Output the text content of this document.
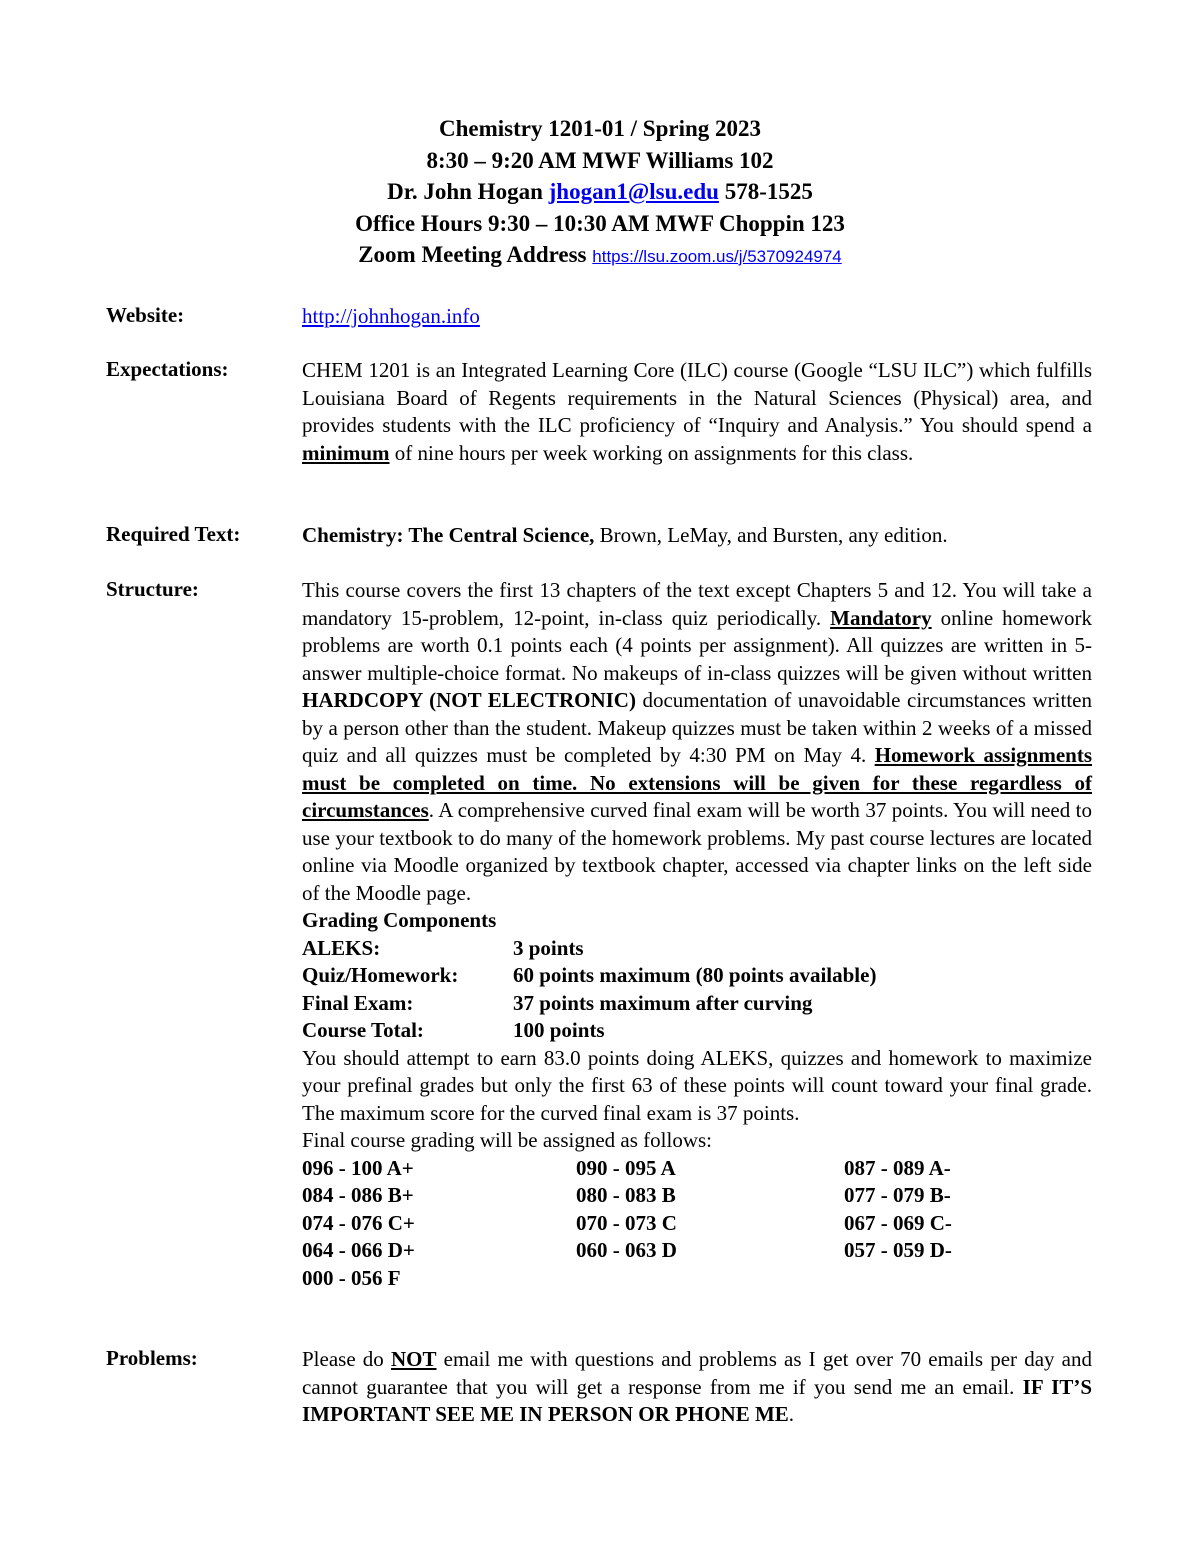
Chemistry 1201-01 / Spring 2023
8:30 – 9:20 AM MWF Williams 102
Dr. John Hogan jhogan1@lsu.edu 578-1525
Office Hours 9:30 – 10:30 AM MWF Choppin 123
Zoom Meeting Address https://lsu.zoom.us/j/5370924974
Website:	http://johnhogan.info
Expectations:	CHEM 1201 is an Integrated Learning Core (ILC) course (Google “LSU ILC”) which fulfills Louisiana Board of Regents requirements in the Natural Sciences (Physical) area, and provides students with the ILC proficiency of “Inquiry and Analysis.” You should spend a minimum of nine hours per week working on assignments for this class.
Required Text:	Chemistry: The Central Science, Brown, LeMay, and Bursten, any edition.
Structure:	This course covers the first 13 chapters of the text except Chapters 5 and 12. You will take a mandatory 15-problem, 12-point, in-class quiz periodically. Mandatory online homework problems are worth 0.1 points each (4 points per assignment). All quizzes are written in 5-answer multiple-choice format. No makeups of in-class quizzes will be given without written HARDCOPY (NOT ELECTRONIC) documentation of unavoidable circumstances written by a person other than the student. Makeup quizzes must be taken within 2 weeks of a missed quiz and all quizzes must be completed by 4:30 PM on May 4. Homework assignments must be completed on time. No extensions will be given for these regardless of circumstances. A comprehensive curved final exam will be worth 37 points. You will need to use your textbook to do many of the homework problems. My past course lectures are located online via Moodle organized by textbook chapter, accessed via chapter links on the left side of the Moodle page.
Grading Components
ALEKS:	3 points
Quiz/Homework:	60 points maximum (80 points available)
Final Exam:	37 points maximum after curving
Course Total:	100 points
You should attempt to earn 83.0 points doing ALEKS, quizzes and homework to maximize your prefinal grades but only the first 63 of these points will count toward your final grade. The maximum score for the curved final exam is 37 points.
Final course grading will be assigned as follows:
096 - 100 A+	090 - 095 A	087 - 089 A-
084 - 086 B+	080 - 083 B	077 - 079 B-
074 - 076 C+	070 - 073 C	067 - 069 C-
064 - 066 D+	060 - 063 D	057 - 059 D-
000 - 056 F
Problems:	Please do NOT email me with questions and problems as I get over 70 emails per day and cannot guarantee that you will get a response from me if you send me an email. IF IT’S IMPORTANT SEE ME IN PERSON OR PHONE ME.
